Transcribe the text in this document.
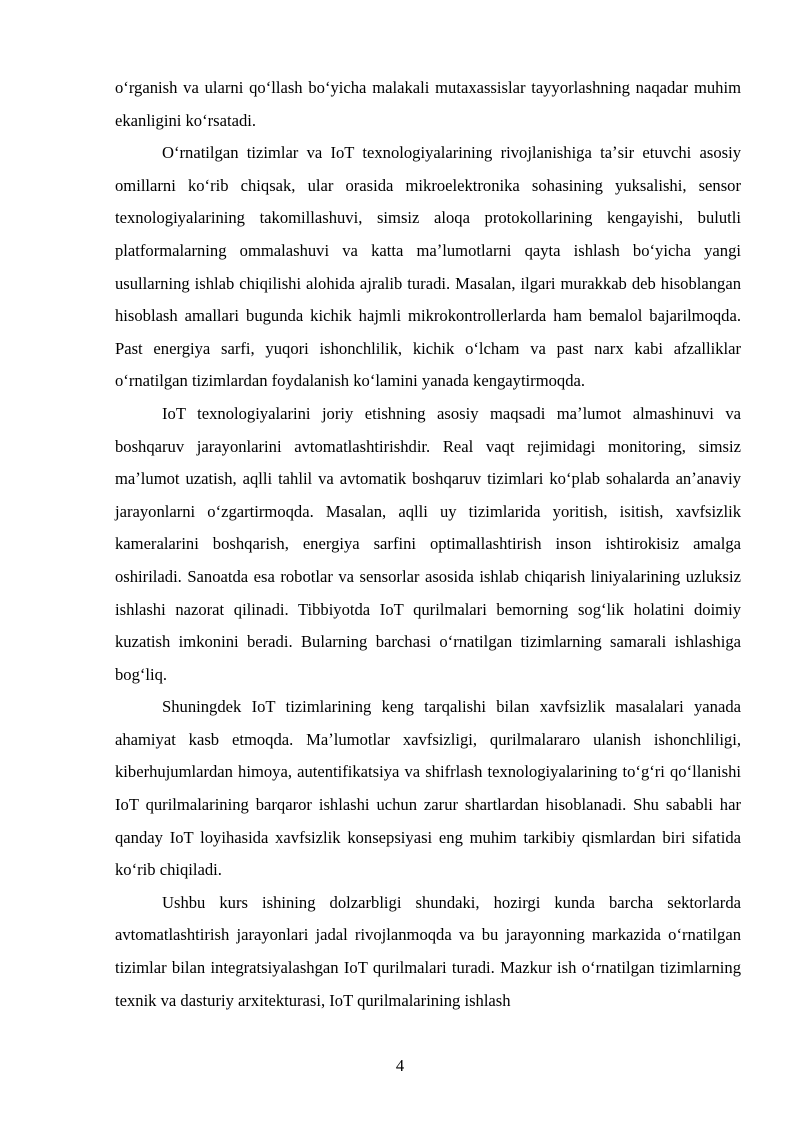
oʻrganish va ularni qoʻllash boʻyicha malakali mutaxassislar tayyorlashning naqadar muhim ekanligini koʻrsatadi.

Oʻrnatilgan tizimlar va IoT texnologiyalarining rivojlanishiga taʼsir etuvchi asosiy omillarni koʻrib chiqsak, ular orasida mikroelektronika sohasining yuksalishi, sensor texnologiyalarining takomillashuvi, simsiz aloqa protokollarining kengayishi, bulutli platformalarning ommalashuvi va katta maʼlumotlarni qayta ishlash boʻyicha yangi usullarning ishlab chiqilishi alohida ajralib turadi. Masalan, ilgari murakkab deb hisoblangan hisoblash amallari bugunda kichik hajmli mikrokontrollerlarda ham bemalol bajarilmoqda. Past energiya sarfi, yuqori ishonchlilik, kichik oʻlcham va past narx kabi afzalliklar oʻrnatilgan tizimlardan foydalanish koʻlamini yanada kengaytirmoqda.

IoT texnologiyalarini joriy etishning asosiy maqsadi maʼlumot almashinuvi va boshqaruv jarayonlarini avtomatlashtirishdir. Real vaqt rejimidagi monitoring, simsiz maʼlumot uzatish, aqlli tahlil va avtomatik boshqaruv tizimlari koʻplab sohalarda anʼanaviy jarayonlarni oʻzgartirmoqda. Masalan, aqlli uy tizimlarida yoritish, isitish, xavfsizlik kameralarini boshqarish, energiya sarfini optimallashtirish inson ishtirokisiz amalga oshiriladi. Sanoatda esa robotlar va sensorlar asosida ishlab chiqarish liniyalarining uzluksiz ishlashi nazorat qilinadi. Tibbiyotda IoT qurilmalari bemorning sogʻlik holatini doimiy kuzatish imkonini beradi. Bularning barchasi oʻrnatilgan tizimlarning samarali ishlashiga bogʻliq.

Shuningdek IoT tizimlarining keng tarqalishi bilan xavfsizlik masalalari yanada ahamiyat kasb etmoqda. Maʼlumotlar xavfsizligi, qurilmalararo ulanish ishonchliligi, kiberhujumlardan himoya, autentifikatsiya va shifrlash texnologiyalarining toʻgʻri qoʻllanishi IoT qurilmalarining barqaror ishlashi uchun zarur shartlardan hisoblanadi. Shu sababli har qanday IoT loyihasida xavfsizlik konsepsiyasi eng muhim tarkibiy qismlardan biri sifatida koʻrib chiqiladi.

Ushbu kurs ishining dolzarbligi shundaki, hozirgi kunda barcha sektorlarda avtomatlashtirish jarayonlari jadal rivojlanmoqda va bu jarayonning markazida oʻrnatilgan tizimlar bilan integratsiyalashgan IoT qurilmalari turadi. Mazkur ish oʻrnatilgan tizimlarning texnik va dasturiy arxitekturasi, IoT qurilmalarining ishlash

4
